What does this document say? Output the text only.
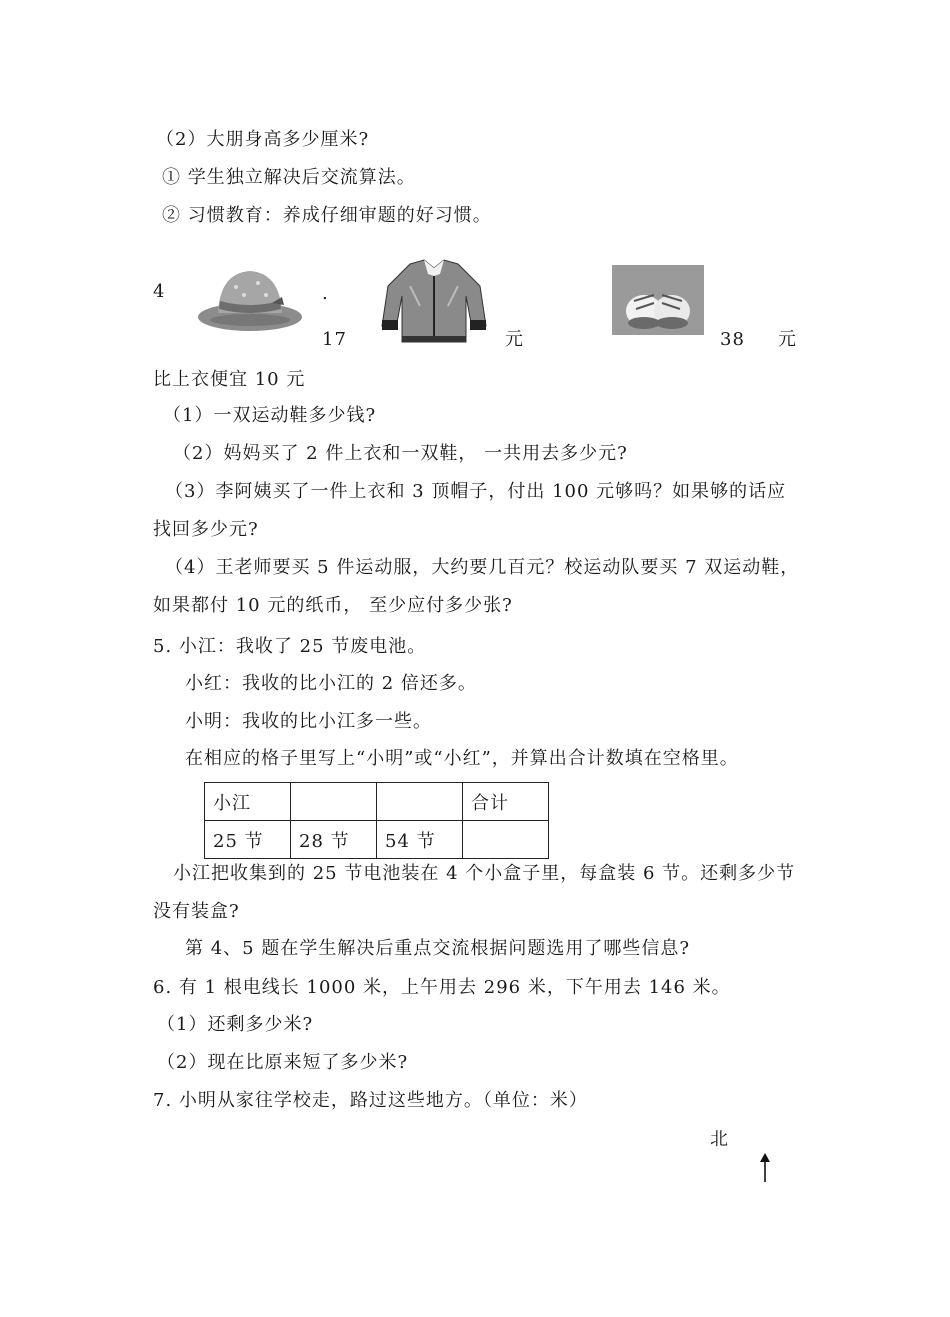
（2）大朋身高多少厘米?
① 学生独立解决后交流算法。
② 习惯教育：养成仔细审题的好习惯。
4	.
17	元	38 元
比上衣便宜 10 元
（1）一双运动鞋多少钱?
（2）妈妈买了 2 件上衣和一双鞋， 一共用去多少元?
（3）李阿姨买了一件上衣和 3 顶帽子，付出 100 元够吗？如果够的话应
找回多少元?
（4）王老师要买 5 件运动服，大约要几百元？校运动队要买 7 双运动鞋，
如果都付 10 元的纸币， 至少应付多少张?
5. 小江：我收了 25 节废电池。
小红：我收的比小江的 2 倍还多。
小明：我收的比小江多一些。
在相应的格子里写上“小明”或“小红”，并算出合计数填在空格里。
小江			合计
25 节	28 节	54 节	
小江把收集到的 25 节电池装在 4 个小盒子里，每盒装 6 节。还剩多少节
没有装盒?
第 4、5 题在学生解决后重点交流根据问题选用了哪些信息?
6. 有 1 根电线长 1000 米，上午用去 296 米，下午用去 146 米。
（1）还剩多少米?
（2）现在比原来短了多少米?
7. 小明从家往学校走，路过这些地方。（单位：米）
北
